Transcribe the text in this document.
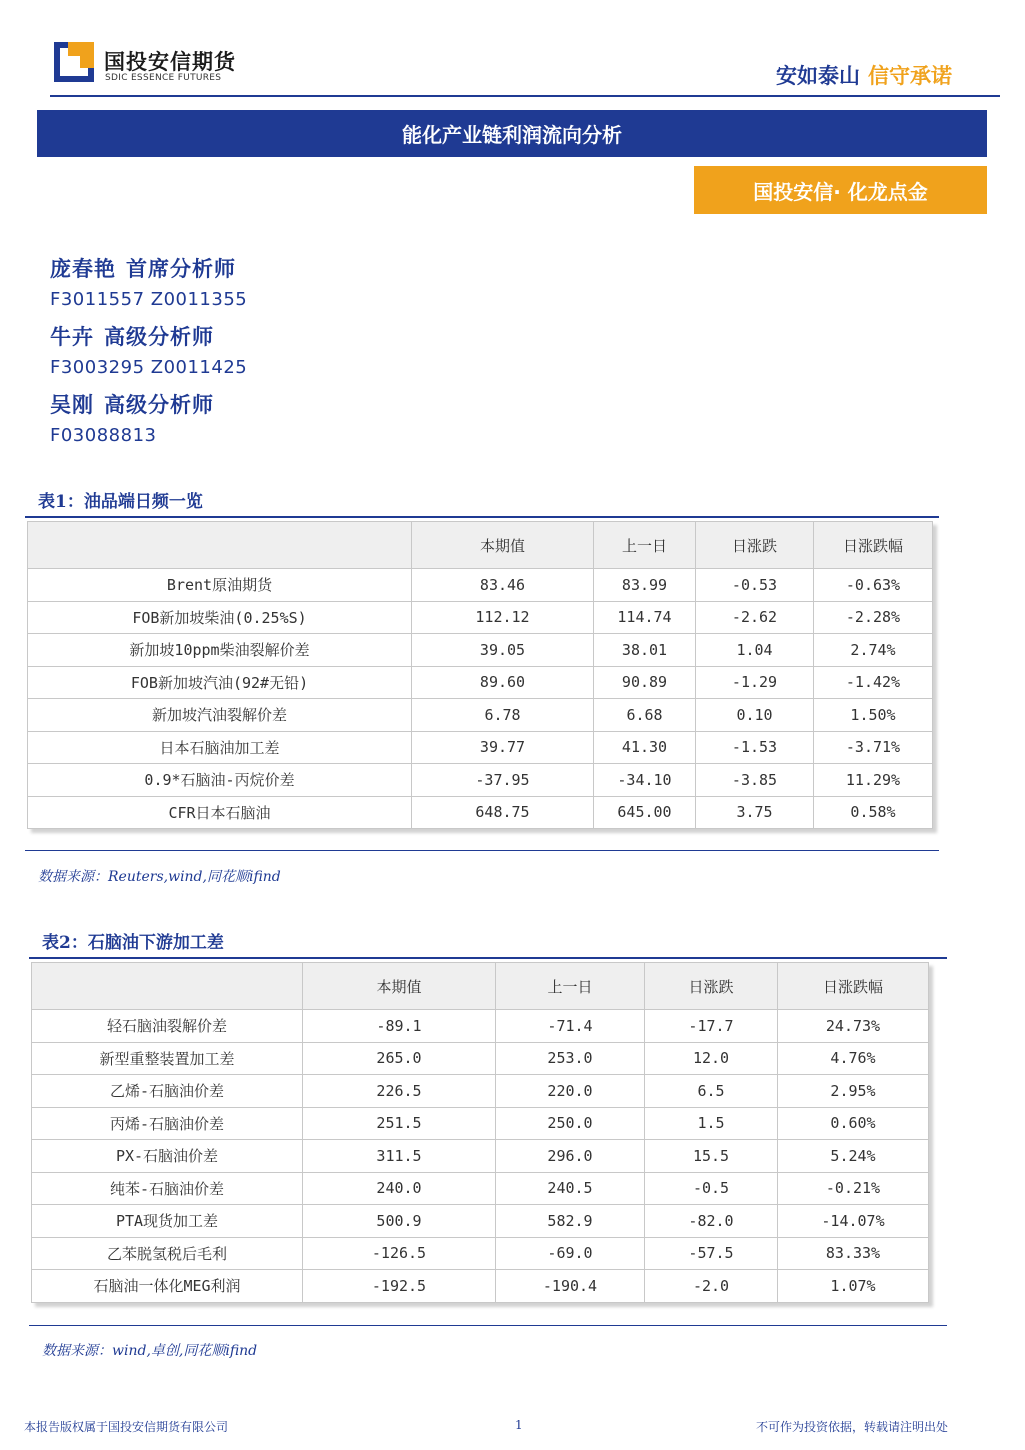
国投安信期货
SDIC ESSENCE FUTURES	安如泰山 信守承诺
能化产业链利润流向分析
国投安信· 化龙点金
庞春艳 首席分析师
F3011557 Z0011355
牛卉 高级分析师
F3003295 Z0011425
吴刚 高级分析师
F03088813
表1：油品端日频一览
	本期值	上一日	日涨跌	日涨跌幅
Brent原油期货	83.46	83.99	-0.53	-0.63%
FOB新加坡柴油(0.25%S)	112.12	114.74	-2.62	-2.28%
新加坡10ppm柴油裂解价差	39.05	38.01	1.04	2.74%
FOB新加坡汽油(92#无铅)	89.60	90.89	-1.29	-1.42%
新加坡汽油裂解价差	6.78	6.68	0.10	1.50%
日本石脑油加工差	39.77	41.30	-1.53	-3.71%
0.9*石脑油-丙烷价差	-37.95	-34.10	-3.85	11.29%
CFR日本石脑油	648.75	645.00	3.75	0.58%
数据来源：Reuters,wind,同花顺ifind
表2：石脑油下游加工差
	本期值	上一日	日涨跌	日涨跌幅
轻石脑油裂解价差	-89.1	-71.4	-17.7	24.73%
新型重整装置加工差	265.0	253.0	12.0	4.76%
乙烯-石脑油价差	226.5	220.0	6.5	2.95%
丙烯-石脑油价差	251.5	250.0	1.5	0.60%
PX-石脑油价差	311.5	296.0	15.5	5.24%
纯苯-石脑油价差	240.0	240.5	-0.5	-0.21%
PTA现货加工差	500.9	582.9	-82.0	-14.07%
乙苯脱氢税后毛利	-126.5	-69.0	-57.5	83.33%
石脑油一体化MEG利润	-192.5	-190.4	-2.0	1.07%
数据来源：wind,卓创,同花顺ifind
本报告版权属于国投安信期货有限公司	1	不可作为投资依据，转载请注明出处
